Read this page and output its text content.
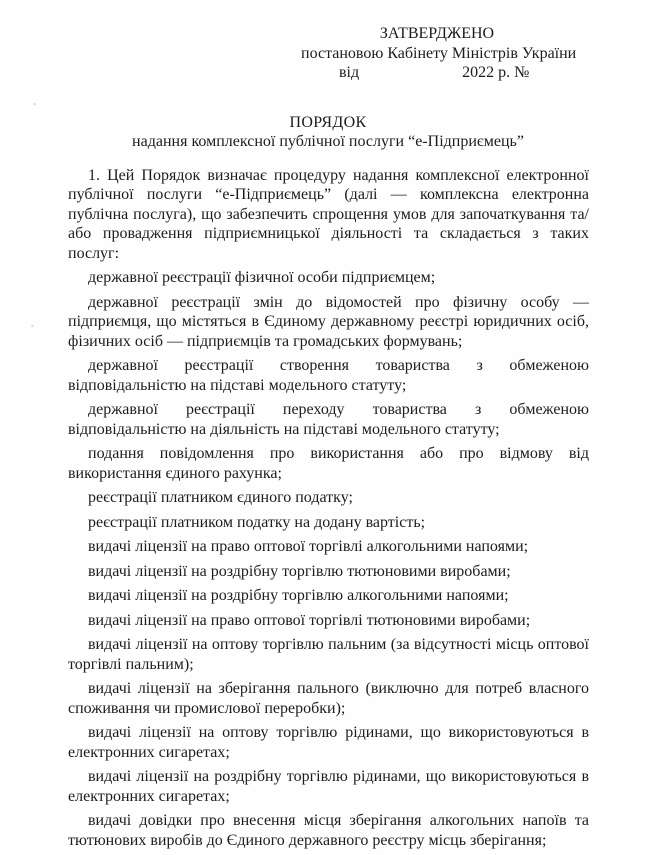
ЗАТВЕРДЖЕНО
постановою Кабінету Міністрів України
від	2022 р. №
ПОРЯДОК
надання комплексної публічної послуги “е-Підприємець”

1. Цей Порядок визначає процедуру надання комплексної електронної публічної послуги “е-Підприємець” (далі — комплексна електронна публічна послуга), що забезпечить спрощення умов для започаткування та/або провадження підприємницької діяльності та складається з таких послуг:

державної реєстрації фізичної особи підприємцем;

державної реєстрації змін до відомостей про фізичну особу — підприємця, що містяться в Єдиному державному реєстрі юридичних осіб, фізичних осіб — підприємців та громадських формувань;

державної реєстрації створення товариства з обмеженою відповідальністю на підставі модельного статуту;

державної реєстрації переходу товариства з обмеженою відповідальністю на діяльність на підставі модельного статуту;

подання повідомлення про використання або про відмову від використання єдиного рахунка;

реєстрації платником єдиного податку;

реєстрації платником податку на додану вартість;

видачі ліцензії на право оптової торгівлі алкогольними напоями;

видачі ліцензії на роздрібну торгівлю тютюновими виробами;

видачі ліцензії на роздрібну торгівлю алкогольними напоями;

видачі ліцензії на право оптової торгівлі тютюновими виробами;

видачі ліцензії на оптову торгівлю пальним (за відсутності місць оптової торгівлі пальним);

видачі ліцензії на зберігання пального (виключно для потреб власного споживання чи промислової переробки);

видачі ліцензії на оптову торгівлю рідинами, що використовуються в електронних сигаретах;

видачі ліцензії на роздрібну торгівлю рідинами, що використовуються в електронних сигаретах;

видачі довідки про внесення місця зберігання алкогольних напоїв та тютюнових виробів до Єдиного державного реєстру місць зберігання;
